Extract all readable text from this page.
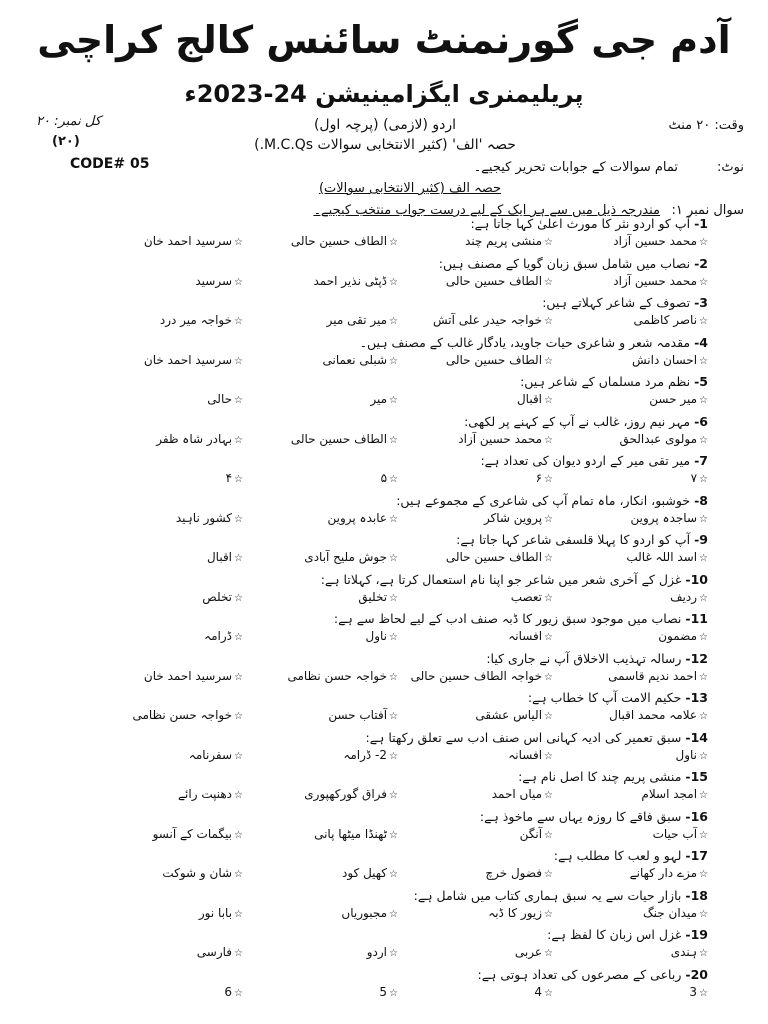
آدم جی گورنمنٹ سائنس کالج کراچی
پریلیمنری ایگزامینیشن 24-2023ء
وقت: ۲۰ منٹ
کل نمبر: ۲۰
(۲۰)
CODE# 05
اردو (لازمی) (پرچہ اول)
حصہ 'الف' (کثیر الانتخابی سوالات M.C.Qs.)
نوٹ:
تمام سوالات کے جوابات تحریر کیجیے۔
حصہ الف (کثیر الانتخابی سوالات)
سوال نمبر ۱:
مندرجہ ذیل میں سے ہر ایک کے لیے درست جواب منتخب کیجیے۔
1-آپ کو اردو نثر کا مورث اعلیٰ کہا جاتا ہے:
☆سرسید احمد خان	☆الطاف حسین حالی	☆منشی پریم چند	☆محمد حسین آزاد
2-نصاب میں شامل سبق زبان گویا کے مصنف ہیں:
☆سرسید	☆ڈپٹی نذیر احمد	☆الطاف حسین حالی	☆محمد حسین آزاد
3-تصوف کے شاعر کہلاتے ہیں:
☆خواجہ میر درد	☆میر تقی میر	☆خواجہ حیدر علی آتش	☆ناصر کاظمی
4-مقدمہ شعر و شاعری حیات جاوید، یادگار غالب کے مصنف ہیں۔
☆سرسید احمد خان	☆شبلی نعمانی	☆الطاف حسین حالی	☆احسان دانش
5-نظم مرد مسلماں کے شاعر ہیں:
☆حالی	☆میر	☆اقبال	☆میر حسن
6-مہر نیم روز، غالب نے آپ کے کہنے پر لکھی:
☆بہادر شاہ ظفر	☆الطاف حسین حالی	☆محمد حسین آزاد	☆مولوی عبدالحق
7-میر تقی میر کے اردو دیوان کی تعداد ہے:
☆۴	☆۵	☆۶	☆۷
8-خوشبو، انکار، ماہ تمام آپ کی شاعری کے مجموعے ہیں:
☆کشور ناہید	☆عابدہ پروین	☆پروین شاکر	☆ساجدہ پروین
9-آپ کو اردو کا پہلا قلسفی شاعر کہا جاتا ہے:
☆اقبال	☆جوش ملیح آبادی	☆الطاف حسین حالی	☆اسد اللہ غالب
10-غزل کے آخری شعر میں شاعر جو اپنا نام استعمال کرتا ہے، کہلاتا ہے:
☆تخلص	☆تخلیق	☆تعصب	☆ردیف
11-نصاب میں موجود سبق زیور کا ڈبہ صنف ادب کے لیے لحاظ سے ہے:
☆ڈرامہ	☆ناول	☆افسانہ	☆مضمون
12-رسالہ تہذیب الاخلاق آپ نے جاری کیا:
☆سرسید احمد خان	☆خواجہ حسن نظامی	☆خواجہ الطاف حسین حالی	☆احمد ندیم قاسمی
13-حکیم الامت آپ کا خطاب ہے:
☆خواجہ حسن نظامی	☆آفتاب حسن	☆الیاس عشقی	☆علامہ محمد اقبال
14-سبق تعمیر کی ادیہ کہانی اس صنف ادب سے تعلق رکھتا ہے:
☆سفرنامہ	☆2- ڈرامہ	☆افسانہ	☆ناول
15-منشی پریم چند کا اصل نام ہے:
☆دھنپت رائے	☆فراق گورکھپوری	☆میاں احمد	☆امجد اسلام
16-سبق فاقے کا روزہ یہاں سے ماخوذ ہے:
☆بیگمات کے آنسو	☆ٹھنڈا میٹھا پانی	☆آنگن	☆آب حیات
17-لہو و لعب کا مطلب ہے:
☆شان و شوکت	☆کھیل کود	☆فضول خرچ	☆مزے دار کھانے
18-بازار حیات سے یہ سبق ہماری کتاب میں شامل ہے:
☆بابا نور	☆مجبوریاں	☆زیور کا ڈبہ	☆میدان جنگ
19-غزل اس زبان کا لفظ ہے:
☆فارسی	☆اردو	☆عربی	☆ہندی
20-رباعی کے مصرعوں کی تعداد ہوتی ہے:
☆6	☆5	☆4	☆3
